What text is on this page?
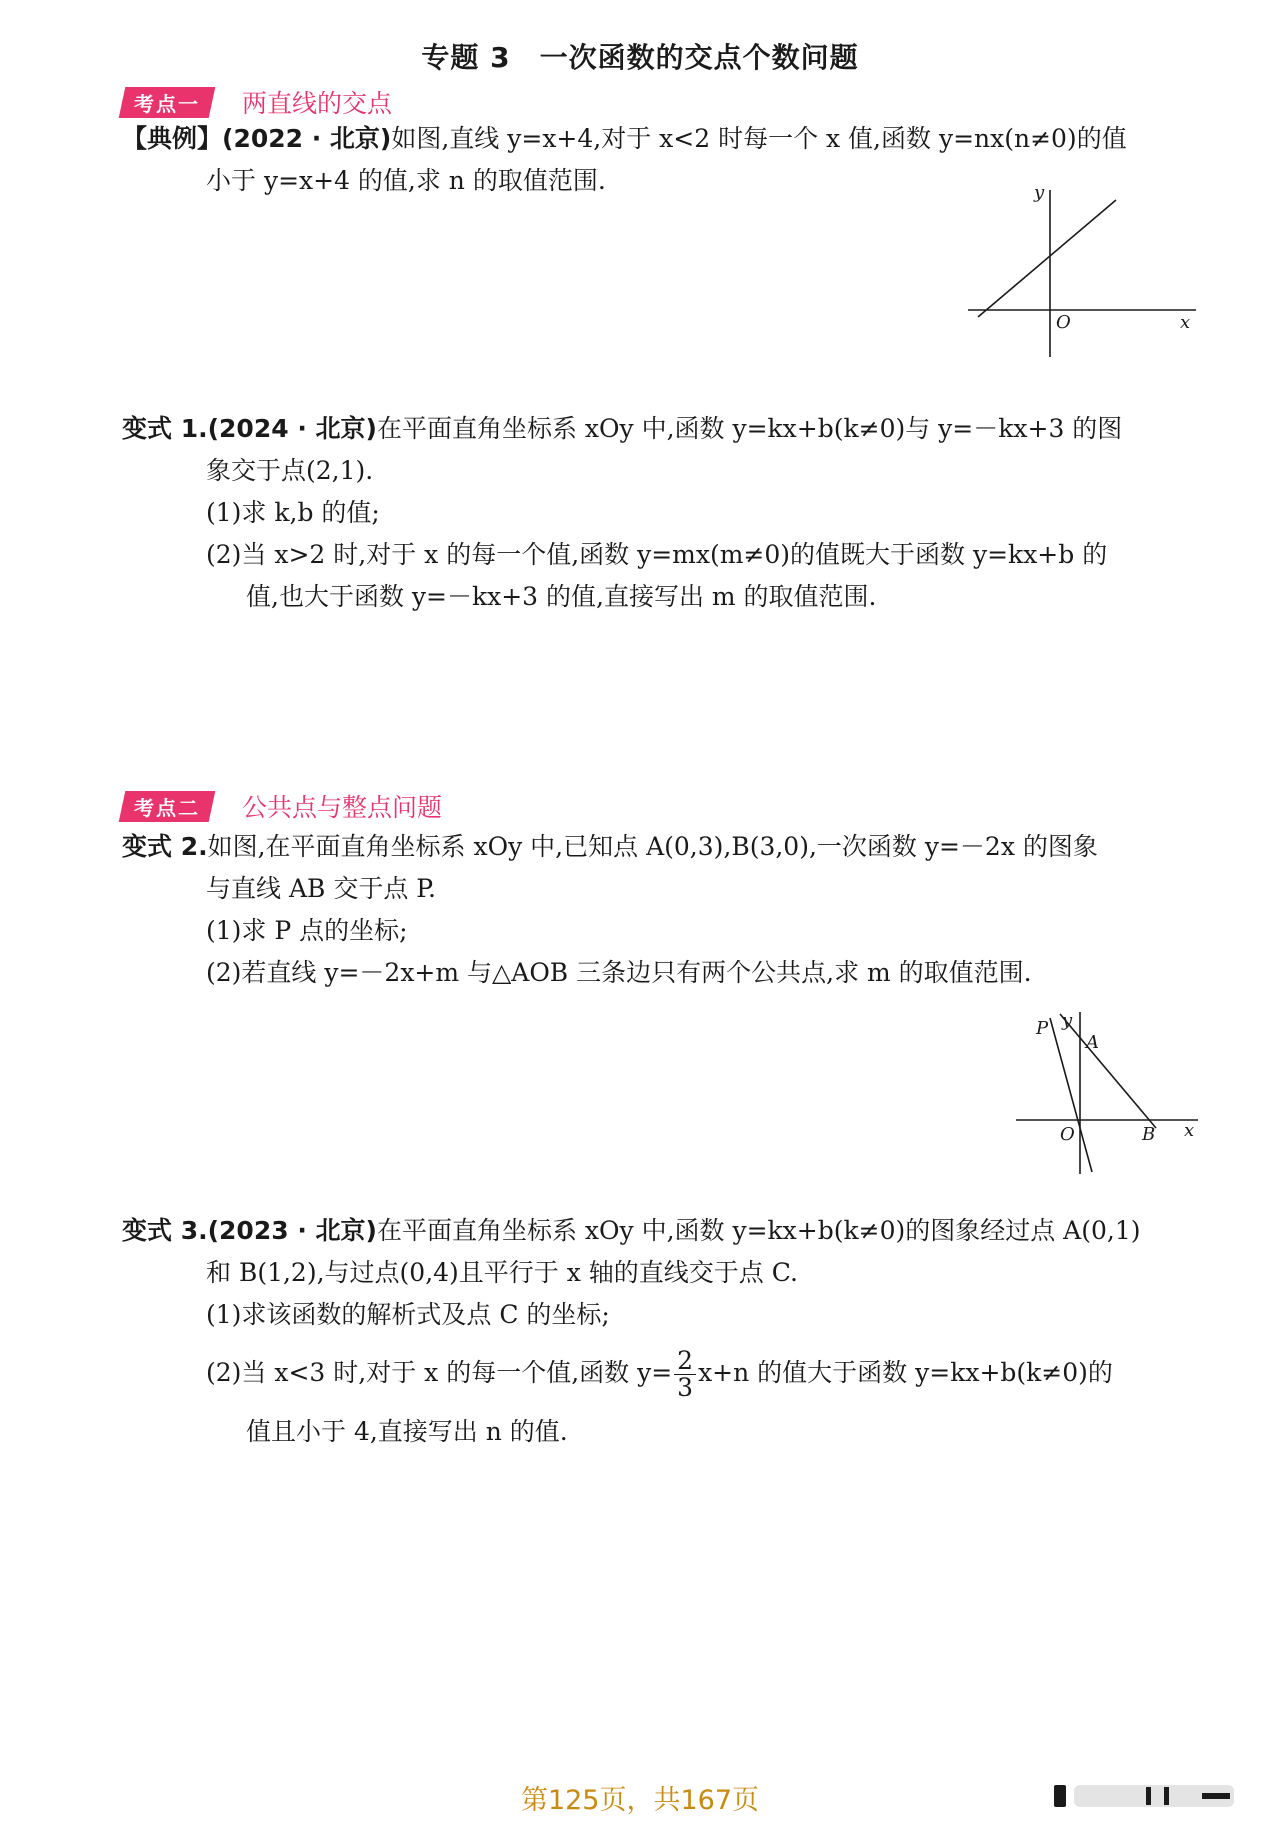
专题 3　一次函数的交点个数问题
考点一	两直线的交点
【典例】(2022 · 北京)如图,直线 y=x+4,对于 x<2 时每一个 x 值,函数 y=nx(n≠0)的值
小于 y=x+4 的值,求 n 的取值范围.	y
O	x
变式 1.(2024 · 北京)在平面直角坐标系 xOy 中,函数 y=kx+b(k≠0)与 y=－kx+3 的图
象交于点(2,1).
(1)求 k,b 的值;
(2)当 x>2 时,对于 x 的每一个值,函数 y=mx(m≠0)的值既大于函数 y=kx+b 的
值,也大于函数 y=－kx+3 的值,直接写出 m 的取值范围.
考点二	公共点与整点问题
变式 2.如图,在平面直角坐标系 xOy 中,已知点 A(0,3),B(3,0),一次函数 y=－2x 的图象
与直线 AB 交于点 P.
(1)求 P 点的坐标;
(2)若直线 y=－2x+m 与△AOB 三条边只有两个公共点,求 m 的取值范围.
P y
A
O	B x
变式 3.(2023 · 北京)在平面直角坐标系 xOy 中,函数 y=kx+b(k≠0)的图象经过点 A(0,1)
和 B(1,2),与过点(0,4)且平行于 x 轴的直线交于点 C.
(1)求该函数的解析式及点 C 的坐标;
(2)当 x<3 时,对于 x 的每一个值,函数 $y= \frac{2}{3} x+n$ 的值大于函数 y=kx+b(k≠0)的
值且小于 4,直接写出 n 的值.
第125页，共167页
